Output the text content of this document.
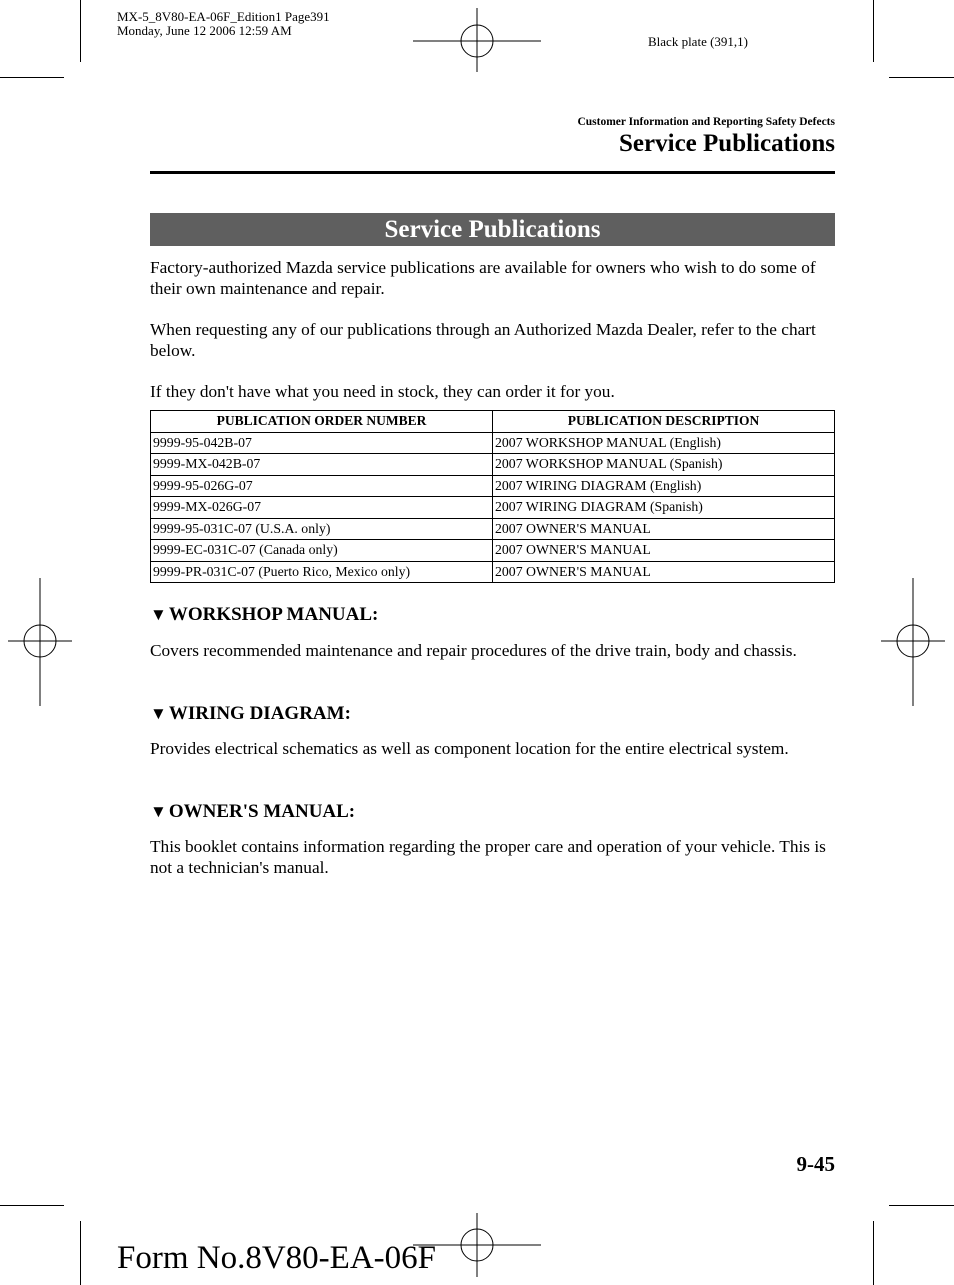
MX-5_8V80-EA-06F_Edition1 Page391
Monday, June 12 2006 12:59 AM
Black plate (391,1)
Customer Information and Reporting Safety Defects
Service Publications
Service Publications
Factory-authorized Mazda service publications are available for owners who wish to do some of their own maintenance and repair.
When requesting any of our publications through an Authorized Mazda Dealer, refer to the chart below.
If they don't have what you need in stock, they can order it for you.
PUBLICATION ORDER NUMBER	PUBLICATION DESCRIPTION
9999-95-042B-07	2007 WORKSHOP MANUAL (English)
9999-MX-042B-07	2007 WORKSHOP MANUAL (Spanish)
9999-95-026G-07	2007 WIRING DIAGRAM (English)
9999-MX-026G-07	2007 WIRING DIAGRAM (Spanish)
9999-95-031C-07 (U.S.A. only)	2007 OWNER'S MANUAL
9999-EC-031C-07 (Canada only)	2007 OWNER'S MANUAL
9999-PR-031C-07 (Puerto Rico, Mexico only)	2007 OWNER'S MANUAL
▼ WORKSHOP MANUAL:
Covers recommended maintenance and repair procedures of the drive train, body and chassis.
▼ WIRING DIAGRAM:
Provides electrical schematics as well as component location for the entire electrical system.
▼ OWNER'S MANUAL:
This booklet contains information regarding the proper care and operation of your vehicle. This is not a technician's manual.
9-45
Form No.8V80-EA-06F
